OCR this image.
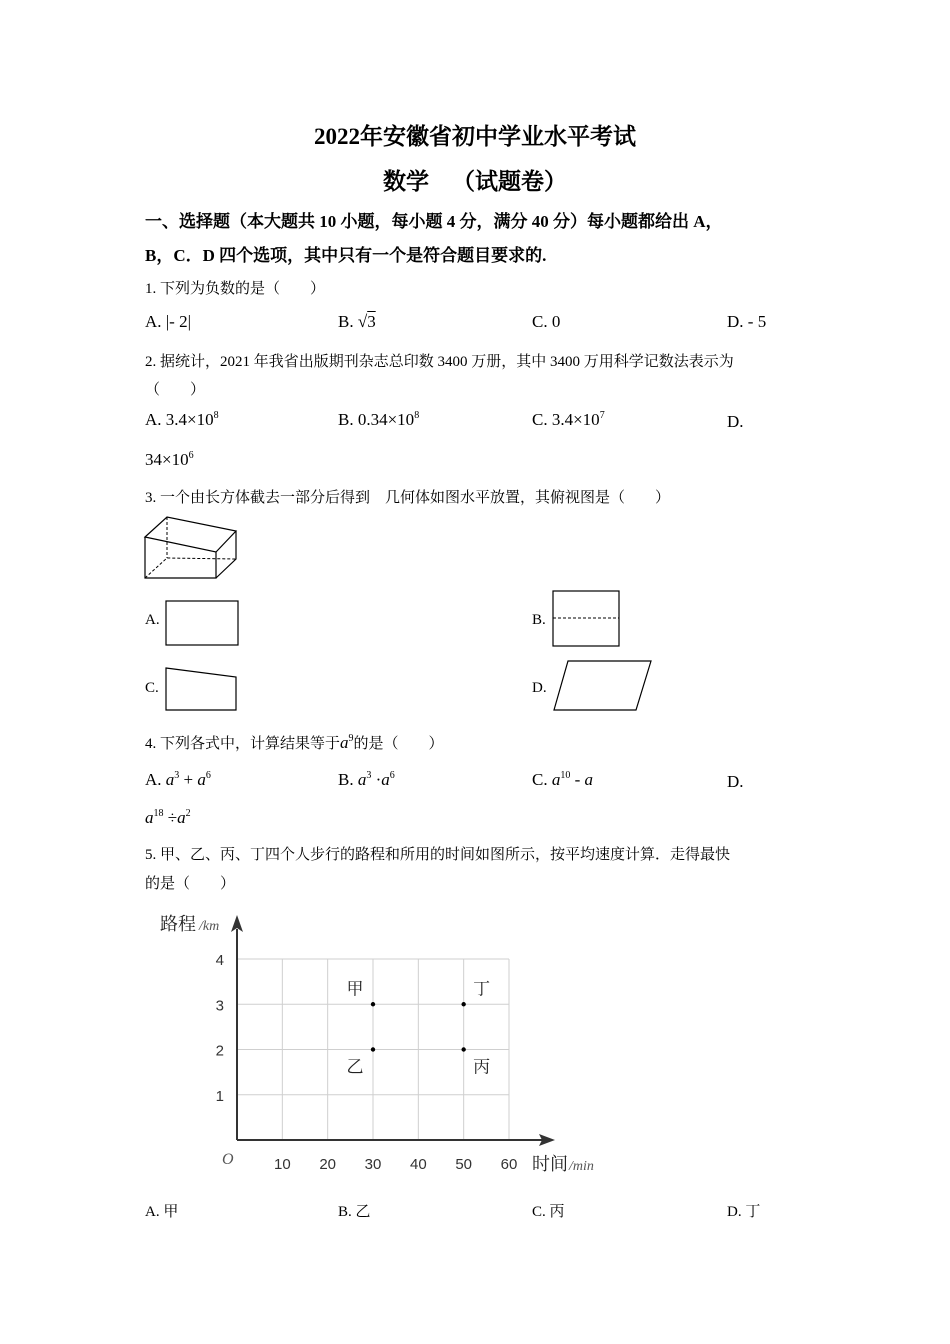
2022年安徽省初中学业水平考试
数学    （试题卷）
一、选择题（本大题共 10 小题，每小题 4 分，满分 40 分）每小题都给出 A，
B，C．D 四个选项，其中只有一个是符合题目要求的.
1. 下列为负数的是（　　）
A. |- 2|	B. √3	C. 0	D. - 5
2. 据统计，2021 年我省出版期刊杂志总印数 3400 万册，其中 3400 万用科学记数法表示为
（　　）
A. $3.4\times 10^8$	B. $0.34\times 10^8$	C. $3.4\times 10^7$	D.
$34\times 10^6$
3. 一个由长方体截去一部分后得到　几何体如图水平放置，其俯视图是（　　）
A.	B.
C.	D.
4. 下列各式中，计算结果等于$a^9$的是（　　）
A. $a^3 + a^6$	B. $a^3 \cdot a^6$	C. $a^{10}$ - a	D.
$a^{18} \div a^2$
5. 甲、乙、丙、丁四个人步行的路程和所用的时间如图所示，按平均速度计算．走得最快
的是（　　）
10 20 30 40 50 60
1
2
3
4
甲
乙	丙
丁
路程 /km
时间 /min
O
A. 甲	B. 乙	C. 丙	D. 丁
